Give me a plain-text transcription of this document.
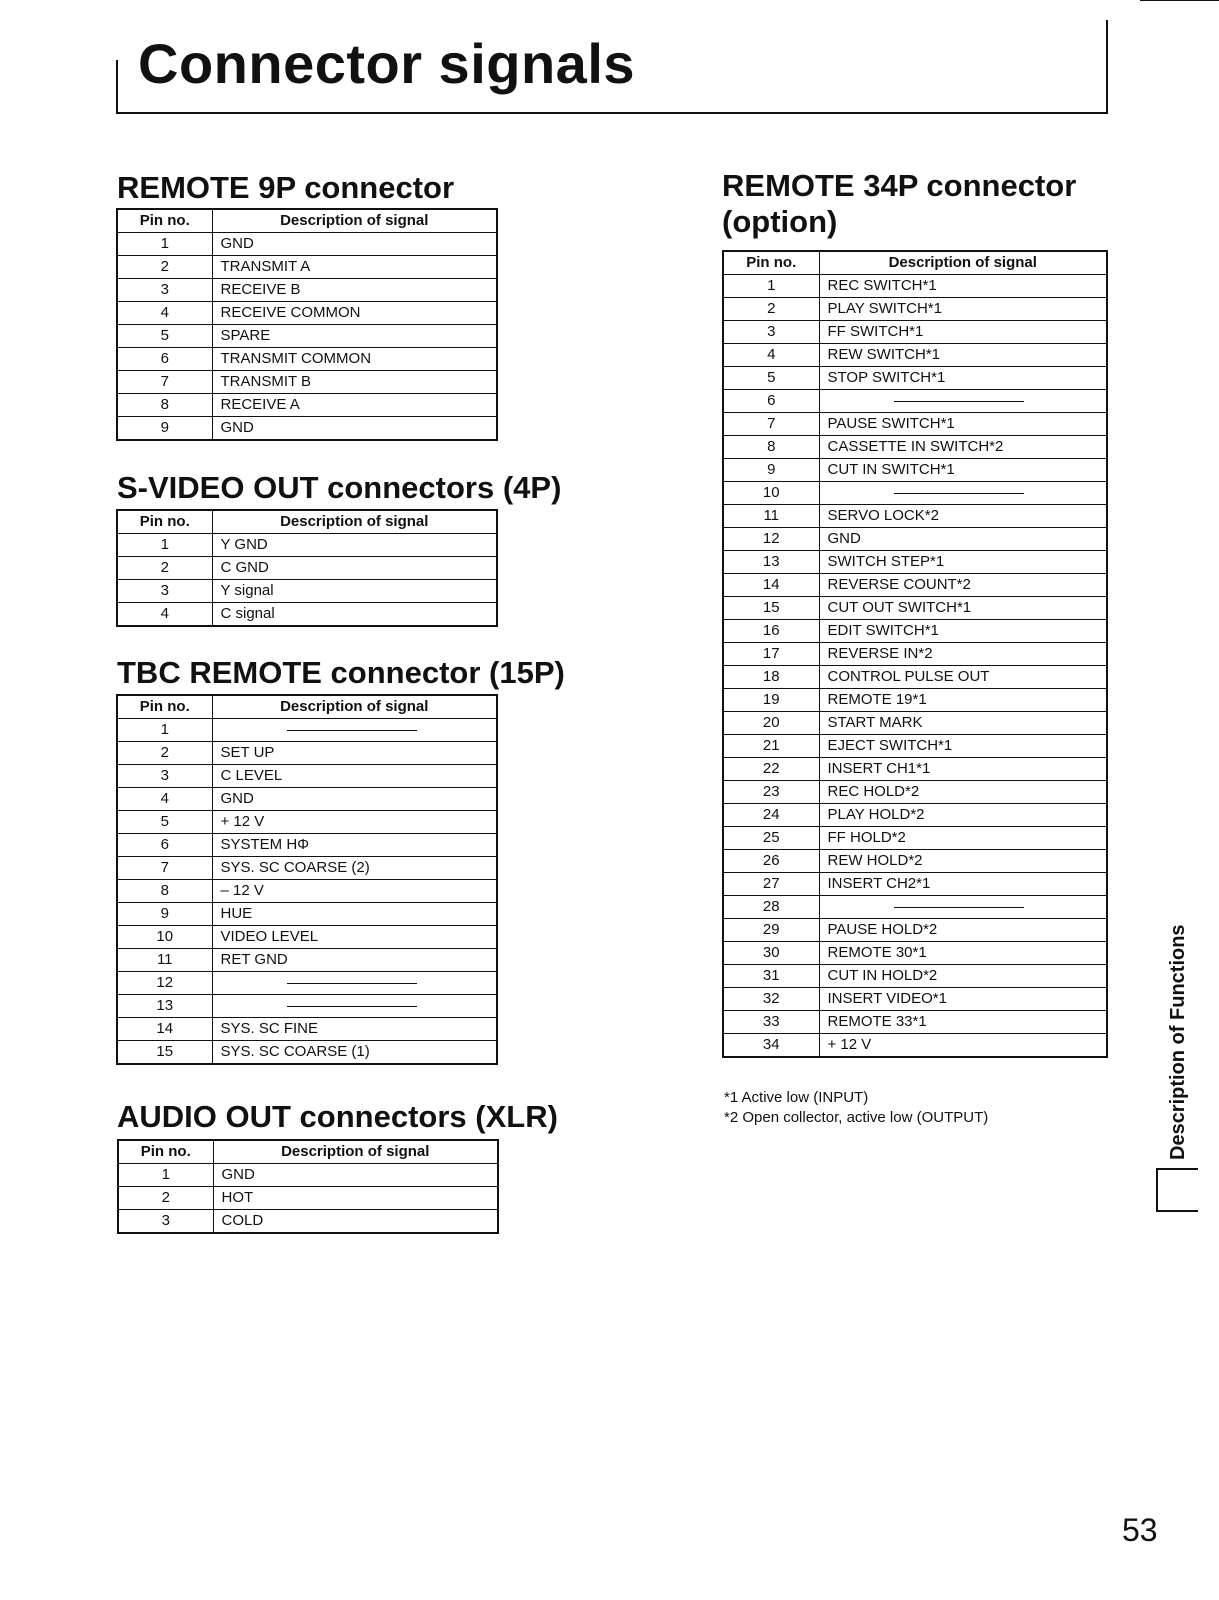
Connector signals
REMOTE 9P connector
Pin no.	Description of signal
1	GND
2	TRANSMIT A
3	RECEIVE B
4	RECEIVE COMMON
5	SPARE
6	TRANSMIT COMMON
7	TRANSMIT B
8	RECEIVE A
9	GND
S-VIDEO OUT connectors (4P)
Pin no.	Description of signal
1	Y GND
2	C GND
3	Y signal
4	C signal
TBC REMOTE connector (15P)
Pin no.	Description of signal
1	
2	SET UP
3	C LEVEL
4	GND
5	+ 12 V
6	SYSTEM HΦ
7	SYS. SC COARSE (2)
8	– 12 V
9	HUE
10	VIDEO LEVEL
11	RET GND
12	
13	
14	SYS. SC FINE
15	SYS. SC COARSE (1)
AUDIO OUT connectors (XLR)
Pin no.	Description of signal
1	GND
2	HOT
3	COLD
REMOTE 34P connector
(option)
Pin no.	Description of signal
1	REC SWITCH*1
2	PLAY SWITCH*1
3	FF SWITCH*1
4	REW SWITCH*1
5	STOP SWITCH*1
6	
7	PAUSE SWITCH*1
8	CASSETTE IN SWITCH*2
9	CUT IN SWITCH*1
10	
11	SERVO LOCK*2
12	GND
13	SWITCH STEP*1
14	REVERSE COUNT*2
15	CUT OUT SWITCH*1
16	EDIT SWITCH*1
17	REVERSE IN*2
18	CONTROL PULSE OUT
19	REMOTE 19*1
20	START MARK
21	EJECT SWITCH*1
22	INSERT CH1*1
23	REC HOLD*2
24	PLAY HOLD*2
25	FF HOLD*2
26	REW HOLD*2
27	INSERT CH2*1
28	
29	PAUSE HOLD*2
30	REMOTE 30*1
31	CUT IN HOLD*2
32	INSERT VIDEO*1
33	REMOTE 33*1
34	+ 12 V
*1 Active low (INPUT)
*2 Open collector, active low (OUTPUT)	Description of Functions
53
